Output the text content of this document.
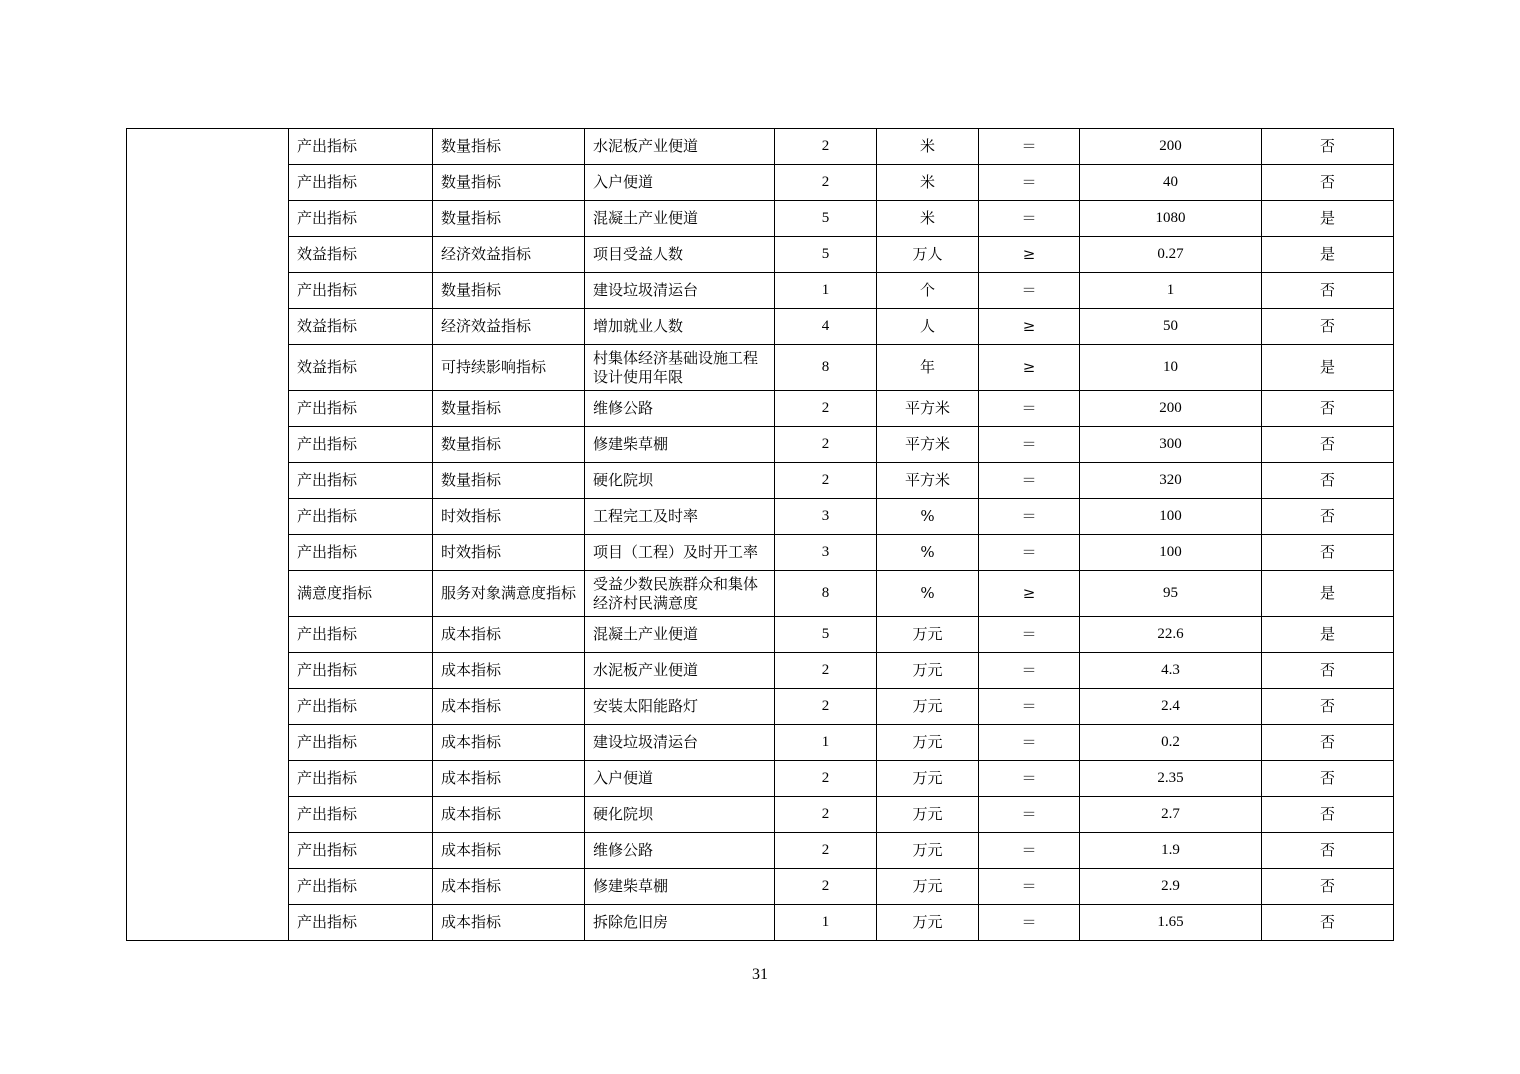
	产出指标	数量指标	水泥板产业便道	2	米	＝	200	否
	产出指标	数量指标	入户便道	2	米	＝	40	否
	产出指标	数量指标	混凝土产业便道	5	米	＝	1080	是
	效益指标	经济效益指标	项目受益人数	5	万人	≥	0.27	是
	产出指标	数量指标	建设垃圾清运台	1	个	＝	1	否
	效益指标	经济效益指标	增加就业人数	4	人	≥	50	否
	效益指标	可持续影响指标	村集体经济基础设施工程设计使用年限	8	年	≥	10	是
	产出指标	数量指标	维修公路	2	平方米	＝	200	否
	产出指标	数量指标	修建柴草棚	2	平方米	＝	300	否
	产出指标	数量指标	硬化院坝	2	平方米	＝	320	否
	产出指标	时效指标	工程完工及时率	3	%	＝	100	否
	产出指标	时效指标	项目（工程）及时开工率	3	%	＝	100	否
	满意度指标	服务对象满意度指标	受益少数民族群众和集体经济村民满意度	8	%	≥	95	是
	产出指标	成本指标	混凝土产业便道	5	万元	＝	22.6	是
	产出指标	成本指标	水泥板产业便道	2	万元	＝	4.3	否
	产出指标	成本指标	安装太阳能路灯	2	万元	＝	2.4	否
	产出指标	成本指标	建设垃圾清运台	1	万元	＝	0.2	否
	产出指标	成本指标	入户便道	2	万元	＝	2.35	否
	产出指标	成本指标	硬化院坝	2	万元	＝	2.7	否
	产出指标	成本指标	维修公路	2	万元	＝	1.9	否
	产出指标	成本指标	修建柴草棚	2	万元	＝	2.9	否
	产出指标	成本指标	拆除危旧房	1	万元	＝	1.65	否
31
